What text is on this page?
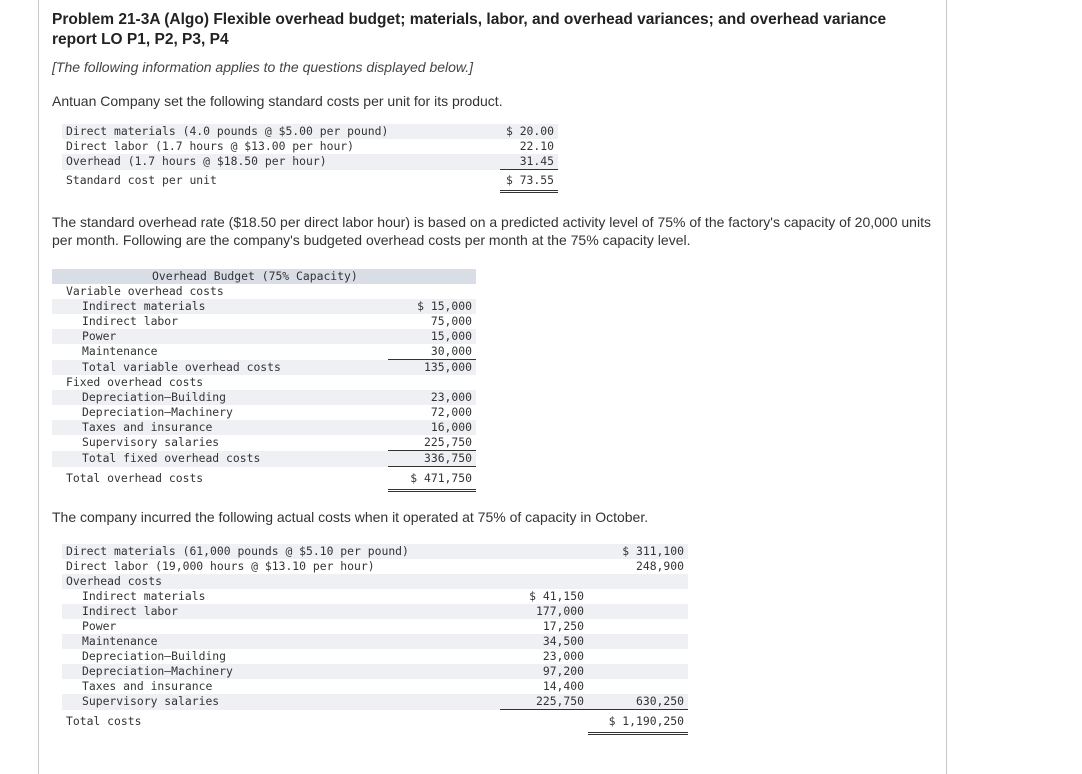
Problem 21-3A (Algo) Flexible overhead budget; materials, labor, and overhead variances; and overhead variance report LO P1, P2, P3, P4
[The following information applies to the questions displayed below.]
Antuan Company set the following standard costs per unit for its product.
Direct materials (4.0 pounds @ $5.00 per pound)	$ 20.00
Direct labor (1.7 hours @ $13.00 per hour)	22.10
Overhead (1.7 hours @ $18.50 per hour)	31.45
Standard cost per unit	$ 73.55
The standard overhead rate ($18.50 per direct labor hour) is based on a predicted activity level of 75% of the factory's capacity of 20,000 units per month. Following are the company's budgeted overhead costs per month at the 75% capacity level.
Overhead Budget (75% Capacity)	
Variable overhead costs	
Indirect materials	$ 15,000
Indirect labor	75,000
Power	15,000
Maintenance	30,000
Total variable overhead costs	135,000
Fixed overhead costs	
Depreciation—Building	23,000
Depreciation—Machinery	72,000
Taxes and insurance	16,000
Supervisory salaries	225,750
Total fixed overhead costs	336,750
Total overhead costs	$ 471,750
The company incurred the following actual costs when it operated at 75% of capacity in October.
Direct materials (61,000 pounds @ $5.10 per pound)		$ 311,100
Direct labor (19,000 hours @ $13.10 per hour)		248,900
Overhead costs		
Indirect materials	$ 41,150	
Indirect labor	177,000	
Power	17,250	
Maintenance	34,500	
Depreciation—Building	23,000	
Depreciation—Machinery	97,200	
Taxes and insurance	14,400	
Supervisory salaries	225,750	630,250
Total costs		$ 1,190,250
